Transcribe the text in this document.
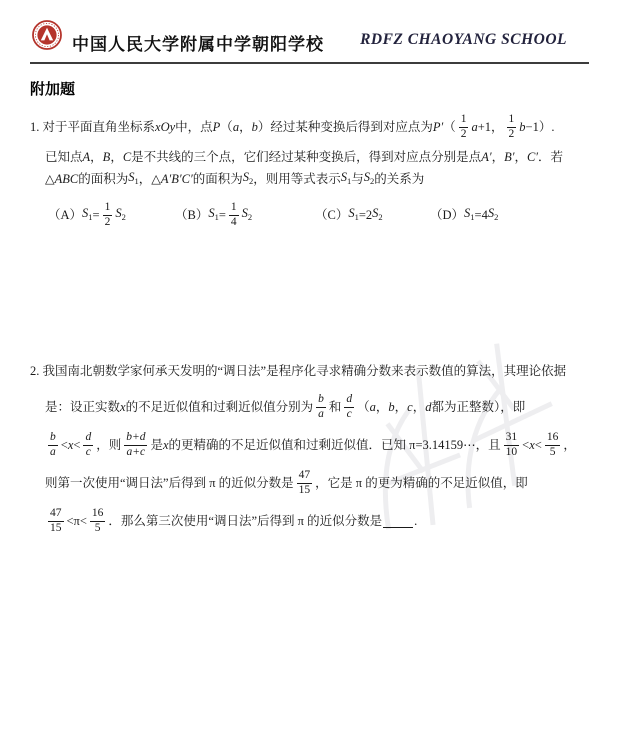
中国人民大学附属中学朝阳学校 RDFZ CHAOYANG SCHOOL
附加题
1. 对于平面直角坐标系 xOy 中，点 P （ a ， b ）经过某种变换后得到对应点为 P′ （ $\frac{1}{2}$ a +1， $\frac{1}{2}$ b −1）.
已知点 A ， B ， C 是不共线的三个点，它们经过某种变换后，得到对应点分别是点 A′ ， B′ ， C′ ．若
△ ABC 的面积为 $S_1$ ，△ A′B′C′ 的面积为 $S_2$ ，则用等式表示 $S_1$ 与 $S_2$ 的关系为
（A） $S_1 = \frac{1}{2} S_2$	（B） $S_1 = \frac{1}{4} S_2$	（C） $S_1 =2$ $S_2$	（D） $S_1 =4$ $S_2$
2. 我国南北朝数学家何承天发明的“调日法”是程序化寻求精确分数来表示数值的算法，其理论依据
是：设正实数 x 的不足近似值和过剩近似值分别为 $\frac{b}{a}$ 和 $\frac{d}{c}$ （ a ， b ， c ， d 都为正整数），即
$\frac{b}{a} < x < \frac{d}{c}$ ，则 $\frac{b+d}{a+c}$ 是 x 的更精确的不足近似值和过剩近似值．已知 π=3.14159⋯，且 $\frac{31}{10} < x < \frac{16}{5}$ ，
则第一次使用“调日法”后得到 π 的近似分数是 $\frac{47}{15}$ ，它是 π 的更为精确的不足近似值，即
$\frac{47}{15} <\pi< \frac{16}{5}$ ．那么第三次使用“调日法”后得到 π 的近似分数是	.
